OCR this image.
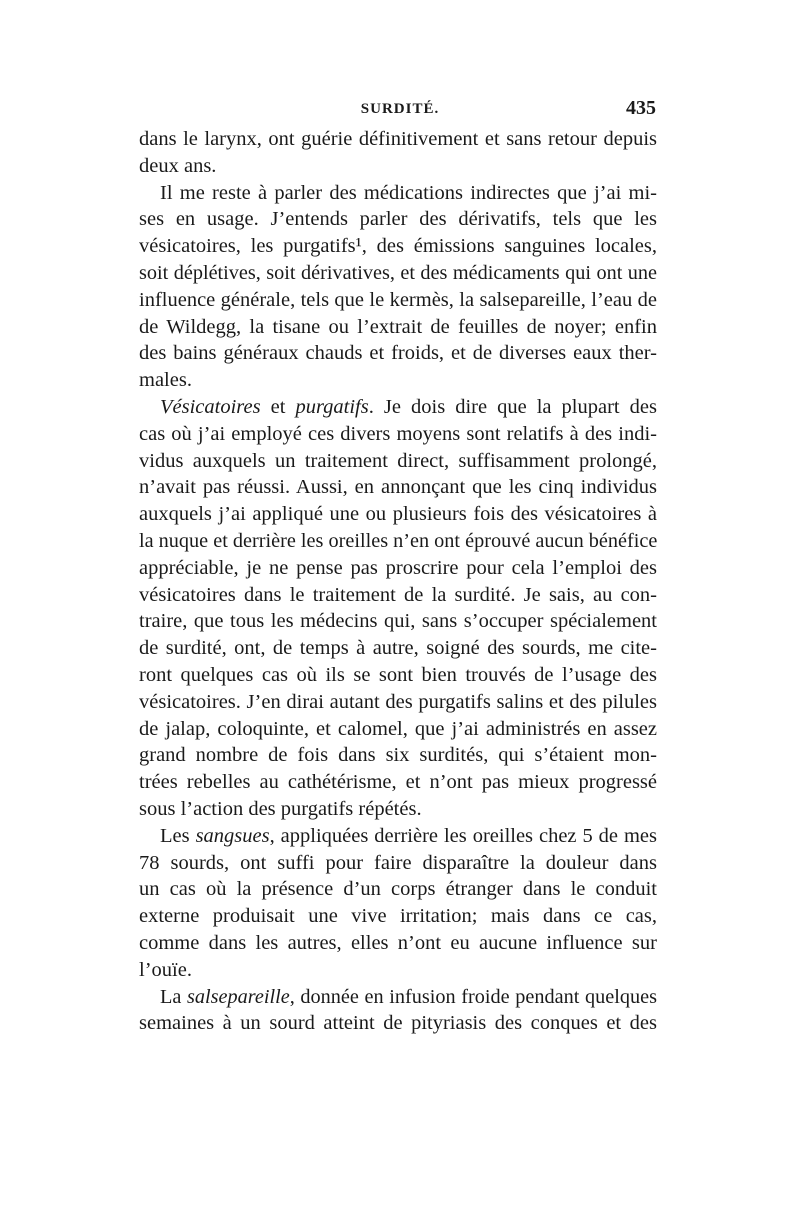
SURDITÉ.	435
dans le larynx, ont guérie définitivement et sans retour depuis
deux ans.
Il me reste à parler des médications indirectes que j’ai mi-
ses en usage. J’entends parler des dérivatifs, tels que les
vésicatoires, les purgatifs¹, des émissions sanguines locales,
soit déplétives, soit dérivatives, et des médicaments qui ont une
influence générale, tels que le kermès, la salsepareille, l’eau de
de Wildegg, la tisane ou l’extrait de feuilles de noyer; enfin
des bains généraux chauds et froids, et de diverses eaux ther-
males.
Vésicatoires et purgatifs. Je dois dire que la plupart des
cas où j’ai employé ces divers moyens sont relatifs à des indi-
vidus auxquels un traitement direct, suffisamment prolongé,
n’avait pas réussi. Aussi, en annonçant que les cinq individus
auxquels j’ai appliqué une ou plusieurs fois des vésicatoires à
la nuque et derrière les oreilles n’en ont éprouvé aucun bénéfice
appréciable, je ne pense pas proscrire pour cela l’emploi des
vésicatoires dans le traitement de la surdité. Je sais, au con-
traire, que tous les médecins qui, sans s’occuper spécialement
de surdité, ont, de temps à autre, soigné des sourds, me cite-
ront quelques cas où ils se sont bien trouvés de l’usage des
vésicatoires. J’en dirai autant des purgatifs salins et des pilules
de jalap, coloquinte, et calomel, que j’ai administrés en assez
grand nombre de fois dans six surdités, qui s’étaient mon-
trées rebelles au cathétérisme, et n’ont pas mieux progressé
sous l’action des purgatifs répétés.
Les sangsues, appliquées derrière les oreilles chez 5 de mes
78 sourds, ont suffi pour faire disparaître la douleur dans
un cas où la présence d’un corps étranger dans le conduit
externe produisait une vive irritation; mais dans ce cas,
comme dans les autres, elles n’ont eu aucune influence sur
l’ouïe.
La salsepareille, donnée en infusion froide pendant quelques
semaines à un sourd atteint de pityriasis des conques et des
